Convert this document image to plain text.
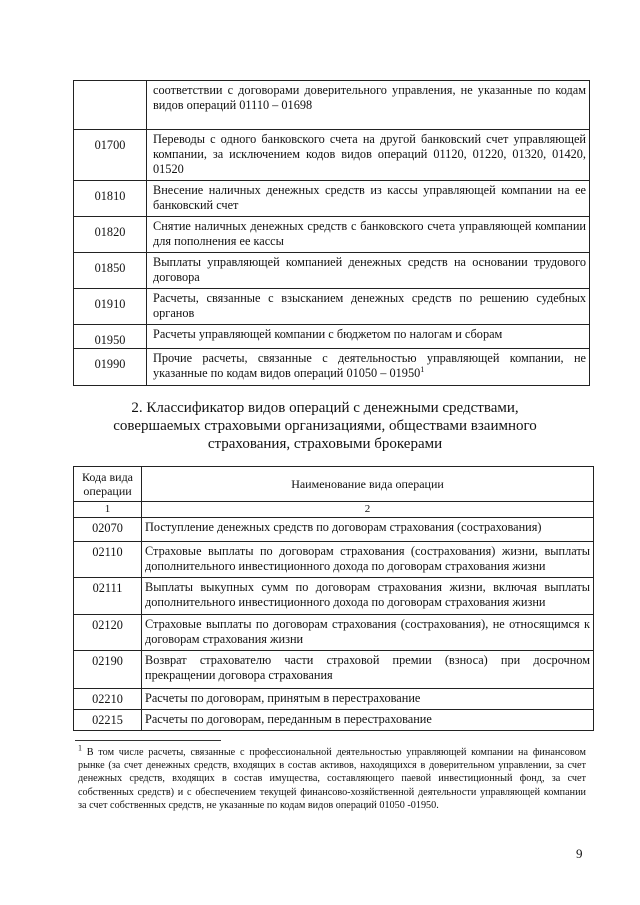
	соответствии с договорами доверительного управления, не указанные по кодам видов операций 01110 – 01698
01700	Переводы с одного банковского счета на другой банковский счет управляющей компании, за исключением кодов видов операций 01120, 01220, 01320, 01420, 01520
01810	Внесение наличных денежных средств из кассы управляющей компании на ее банковский счет
01820	Снятие наличных денежных средств с банковского счета управляющей компании для пополнения ее кассы
01850	Выплаты управляющей компанией денежных средств на основании трудового договора
01910	Расчеты, связанные с взысканием денежных средств по решению судебных органов
01950	Расчеты управляющей компании с бюджетом по налогам и сборам
01990	Прочие расчеты, связанные с деятельностью управляющей компании, не указанные по кодам видов операций 01050 – 01950$^1$
2. Классификатор видов операций с денежными средствами, совершаемых страховыми организациями, обществами взаимного страхования, страховыми брокерами
Кода вида операции	Наименование вида операции
1	2
02070	Поступление денежных средств по договорам страхования (сострахования)
02110	Страховые выплаты по договорам страхования (сострахования) жизни, выплаты дополнительного инвестиционного дохода по договорам страхования жизни
02111	Выплаты выкупных сумм по договорам страхования жизни, включая выплаты дополнительного инвестиционного дохода по договорам страхования жизни
02120	Страховые выплаты по договорам страхования (сострахования), не относящимся к договорам страхования жизни
02190	Возврат страхователю части страховой премии (взноса) при досрочном прекращении договора страхования
02210	Расчеты по договорам, принятым в перестрахование
02215	Расчеты по договорам, переданным в перестрахование
$^1$ В том числе расчеты, связанные с профессиональной деятельностью управляющей компании на финансовом рынке (за счет денежных средств, входящих в состав активов, находящихся в доверительном управлении, за счет денежных средств, входящих в состав имущества, составляющего паевой инвестиционный фонд, за счет собственных средств) и с обеспечением текущей финансово-хозяйственной деятельности управляющей компании за счет собственных средств, не указанные по кодам видов операций 01050 -01950.
9
